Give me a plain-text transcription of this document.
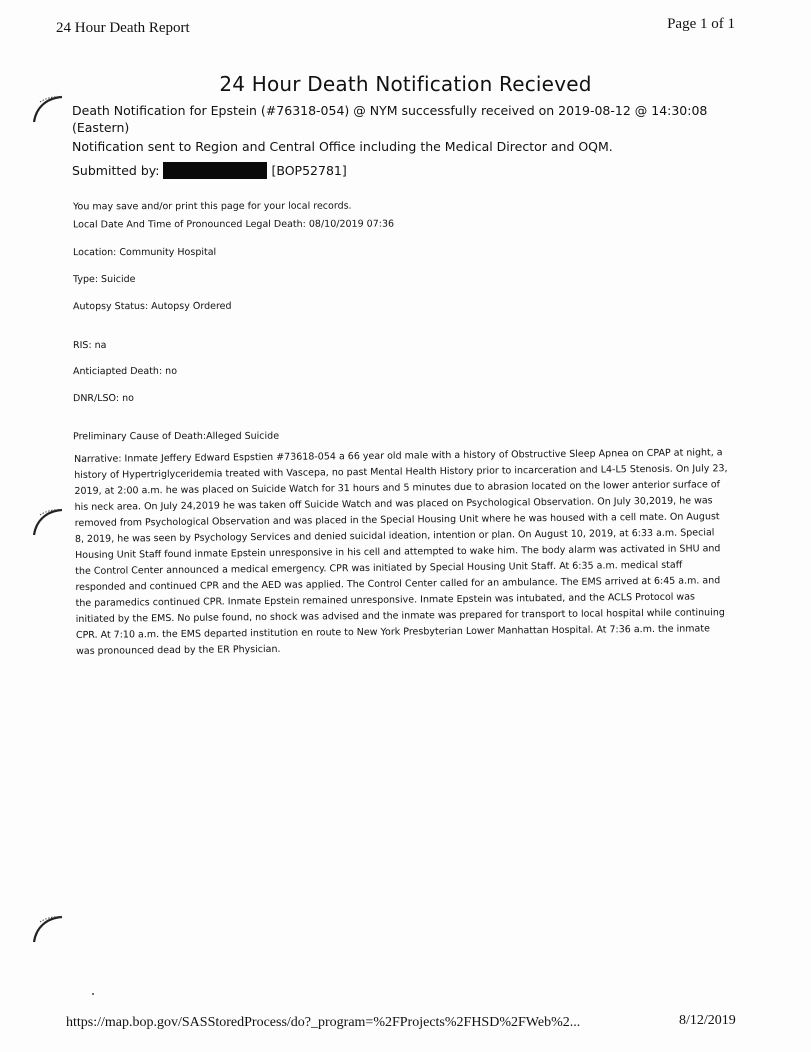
24 Hour Death Report	Page 1 of 1
24 Hour Death Notification Recieved
Death Notification for Epstein (#76318-054) @ NYM successfully received on 2019-08-12 @ 14:30:08 (Eastern)
Notification sent to Region and Central Office including the Medical Director and OQM.
Submitted by:	[BOP52781]
You may save and/or print this page for your local records.
Local Date And Time of Pronounced Legal Death: 08/10/2019 07:36
Location: Community Hospital
Type: Suicide
Autopsy Status: Autopsy Ordered
RIS: na
Anticiapted Death: no
DNR/LSO: no
Preliminary Cause of Death:Alleged Suicide
Narrative: Inmate Jeffery Edward Espstien #73618-054 a 66 year old male with a history of Obstructive Sleep Apnea on CPAP at night, a history of Hypertriglyceridemia treated with Vascepa, no past Mental Health History prior to incarceration and L4-L5 Stenosis. On July 23, 2019, at 2:00 a.m. he was placed on Suicide Watch for 31 hours and 5 minutes due to abrasion located on the lower anterior surface of his neck area. On July 24,2019 he was taken off Suicide Watch and was placed on Psychological Observation. On July 30,2019, he was removed from Psychological Observation and was placed in the Special Housing Unit where he was housed with a cell mate. On August 8, 2019, he was seen by Psychology Services and denied suicidal ideation, intention or plan. On August 10, 2019, at 6:33 a.m. Special Housing Unit Staff found inmate Epstein unresponsive in his cell and attempted to wake him. The body alarm was activated in SHU and the Control Center announced a medical emergency. CPR was initiated by Special Housing Unit Staff. At 6:35 a.m. medical staff responded and continued CPR and the AED was applied. The Control Center called for an ambulance. The EMS arrived at 6:45 a.m. and the paramedics continued CPR. Inmate Epstein remained unresponsive. Inmate Epstein was intubated, and the ACLS Protocol was initiated by the EMS. No pulse found, no shock was advised and the inmate was prepared for transport to local hospital while continuing CPR. At 7:10 a.m. the EMS departed institution en route to New York Presbyterian Lower Manhattan Hospital. At 7:36 a.m. the inmate was pronounced dead by the ER Physician.
https://map.bop.gov/SASStoredProcess/do?_program=%2FProjects%2FHSD%2FWeb%2...	8/12/2019
